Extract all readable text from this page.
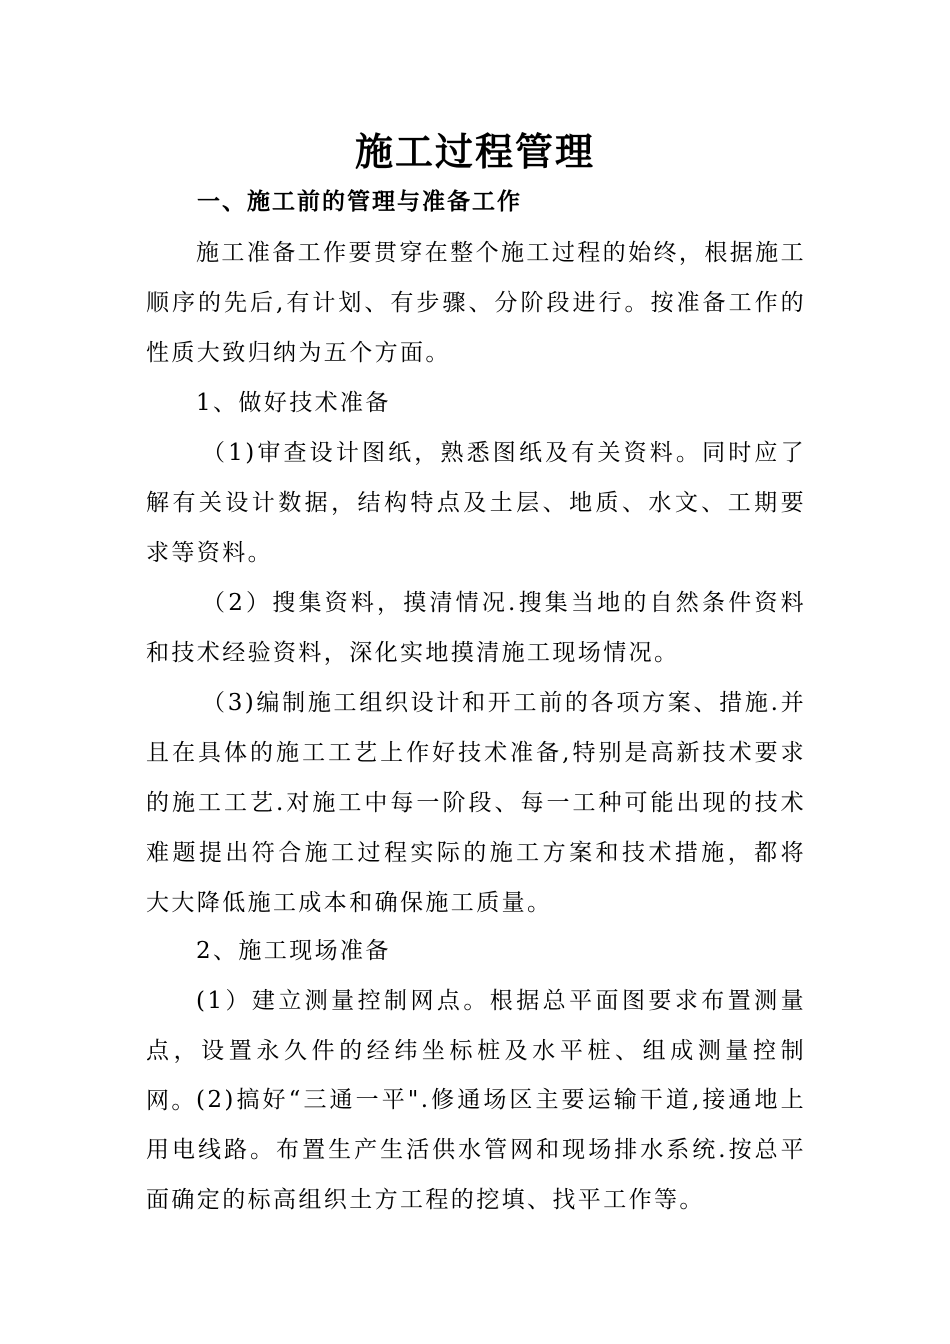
施工过程管理
一、施工前的管理与准备工作
施工准备工作要贯穿在整个施工过程的始终，根据施工顺序的先后,有计划、有步骤、分阶段进行。按准备工作的性质大致归纳为五个方面。
1、做好技术准备
（1)审查设计图纸，熟悉图纸及有关资料。同时应了解有关设计数据，结构特点及土层、地质、水文、工期要求等资料。
（2）搜集资料，摸清情况.搜集当地的自然条件资料和技术经验资料，深化实地摸清施工现场情况。
（3)编制施工组织设计和开工前的各项方案、措施.并且在具体的施工工艺上作好技术准备,特别是高新技术要求的施工工艺.对施工中每一阶段、每一工种可能出现的技术难题提出符合施工过程实际的施工方案和技术措施，都将大大降低施工成本和确保施工质量。
2、施工现场准备
(1）建立测量控制网点。根据总平面图要求布置测量点，设置永久件的经纬坐标桩及水平桩、组成测量控制网。 (2)搞好“三通一平".修通场区主要运输干道,接通地上用电线路。布置生产生活供水管网和现场排水系统.按总平面确定的标高组织土方工程的挖填、找平工作等。
